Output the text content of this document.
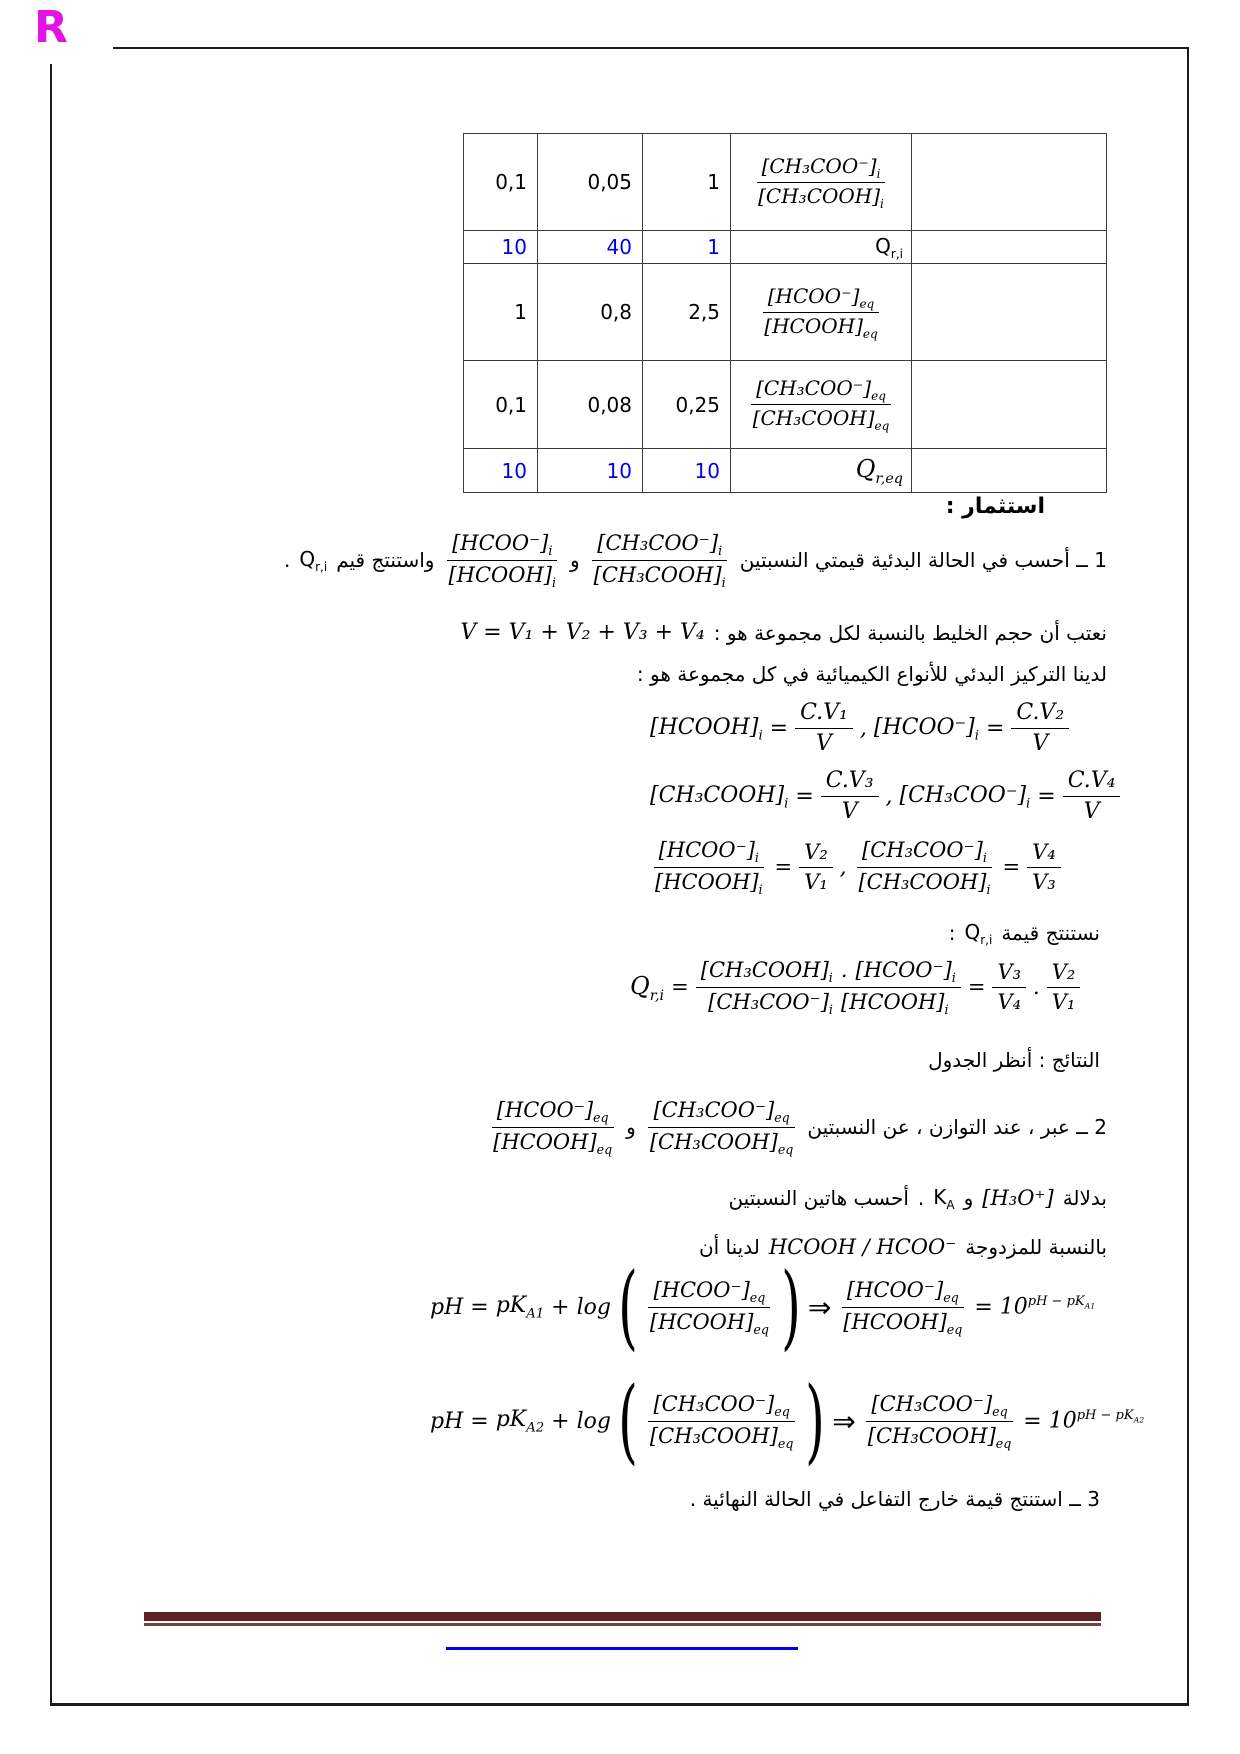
R
0,1	0,05	1	$\frac{[CH_3COO^-]_i}{[CH_3COOH]_i}$

10	40	1	$Q_{r,i}$	
1	0,8	2,5	$\frac{[HCOO^-]_{eq}}{[HCOOH]_{eq}}$

0,1	0,08	0,25	$\frac{[CH_3COO^-]_{eq}}{[CH_3COOH]_{eq}}$

10	10	10	$Q_{r,eq}$	
استثمار :
1 ــ أحسب في الحالة البدئية قيمتي النسبتين
$\frac{[CH_3COO^-]_i}{[CH_3COOH]_i}$
و
$\frac{[HCOO^-]_i}{[HCOOH]_i}$
واستنتج قيم
$Q_{r,i}$
.
نعتب أن حجم الخليط بالنسبة لكل مجموعة هو :
V = V₁ + V₂ + V₃ + V₄
لدينا التركيز البدئي للأنواع الكيميائية في كل مجموعة هو :
$[HCOOH]_i = \frac{\text{C.V₁}}{V}$ , $[HCOO^-]_i = \frac{\text{C.V₂}}{V}$
$[CH_3COOH]_i = \frac{\text{C.V₃}}{V}$ , $[CH_3COO^-]_i = \frac{\text{C.V₄}}{V}$
$\frac{[HCOO^-]_i}{[HCOOH]_i} = \frac{\text{V₂}}{\text{V₁}}$ , $\frac{[CH_3COO^-]_i}{[CH_3COOH]_i} = \frac{\text{V₄}}{\text{V₃}}$
نستنتج قيمة
$Q_{r,i}$
:
$Q_{r,i} = \frac{[CH_3COOH]_i . [HCOO^-]_i}{[CH_3COO^-]_i [HCOOH]_i} = \frac{\text{V₃}}{\text{V₄}}$ . $\frac{\text{V₂}}{\text{V₁}}$
النتائج : أنظر الجدول
2 ــ عبر ، عند التوازن ، عن النسبتين
$\frac{[CH_3COO^-]_{eq}}{[CH_3COOH]_{eq}}$
و
$\frac{[HCOO^-]_{eq}}{[HCOOH]_{eq}}$
بدلالة
[H₃O⁺]
و
$K_A$
.
أحسب هاتين النسبتين
بالنسبة للمزدوجة
HCOOH / HCOO⁻
لدينا أن
pH = $pK_{A1} + \log$ ( $\frac{[HCOO^-]_{eq}}{[HCOOH]_{eq}}$ ) ⇒ $\frac{[HCOO^-]_{eq}}{[HCOOH]_{eq}} = 10^{pH - pK_{A1}}$
pH = $pK_{A2} + \log$ ( $\frac{[CH_3COO^-]_{eq}}{[CH_3COOH]_{eq}}$ ) ⇒ $\frac{[CH_3COO^-]_{eq}}{[CH_3COOH]_{eq}} = 10^{pH - pK_{A2}}$
3 ــ استنتج قيمة خارج التفاعل في الحالة النهائية .
